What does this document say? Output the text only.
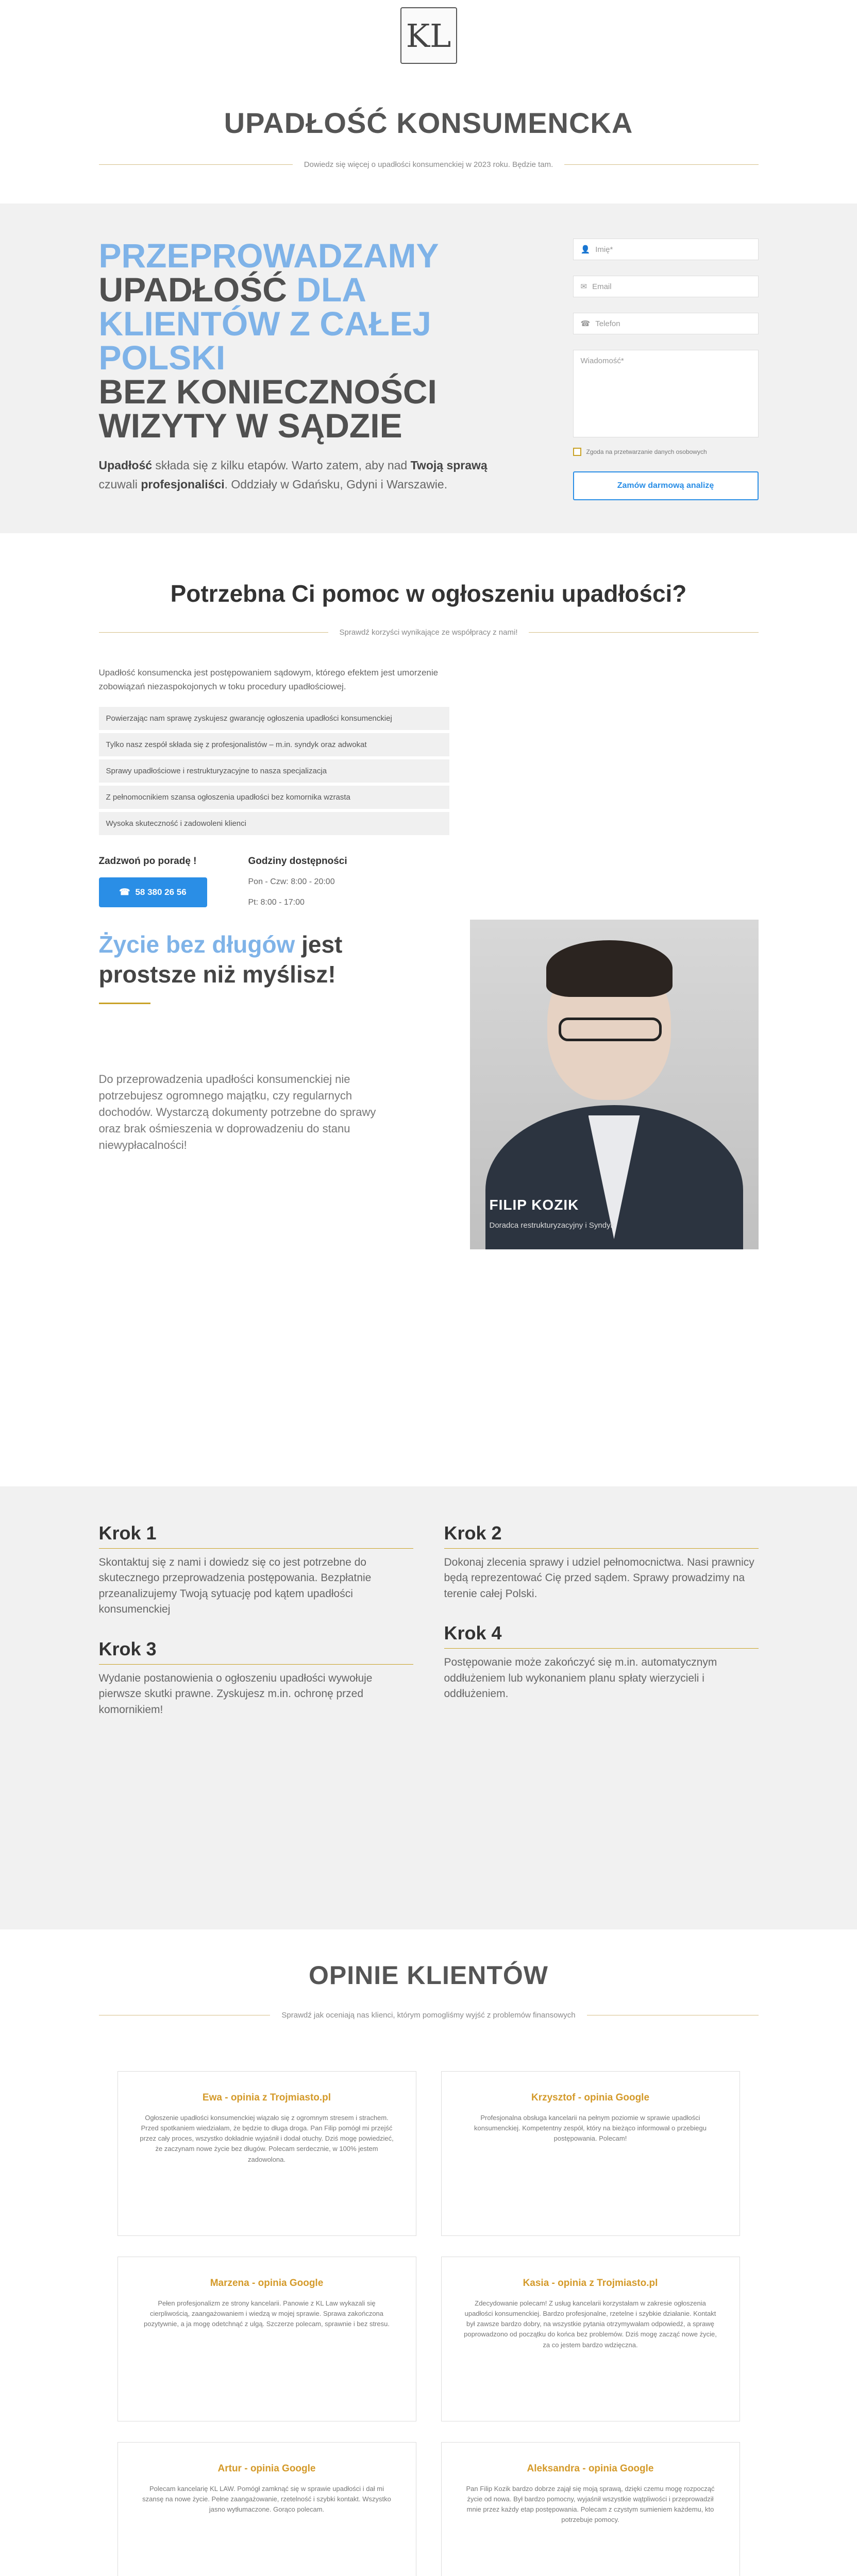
KL
UPADŁOŚĆ KONSUMENCKA
Dowiedz się więcej o upadłości konsumenckiej w 2023 roku. Będzie tam.
PRZEPROWADZAMY
UPADŁOŚĆ DLA
KLIENTÓW Z CAŁEJ
POLSKI
BEZ KONIECZNOŚCI
WIZYTY W SĄDZIE

Upadłość składa się z kilku etapów. Warto zatem, aby nad Twoją sprawą czuwali profesjonaliści. Oddziały w Gdańsku, Gdyni i Warszawie.

👤 Imię*
✉ Email
☎ Telefon
Wiadomość*
Zgoda na przetwarzanie danych osobowych
Zamów darmową analizę
Potrzebna Ci pomoc w ogłoszeniu upadłości?
Sprawdź korzyści wynikające ze współpracy z nami!

Upadłość konsumencka jest postępowaniem sądowym, którego efektem jest umorzenie zobowiązań niezaspokojonych w toku procedury upadłościowej.

Powierzając nam sprawę zyskujesz gwarancję ogłoszenia upadłości konsumenckiej
Tylko nasz zespół składa się z profesjonalistów – m.in. syndyk oraz adwokat
Sprawy upadłościowe i restrukturyzacyjne to nasza specjalizacja
Z pełnomocnikiem szansa ogłoszenia upadłości bez komornika wzrasta
Wysoka skuteczność i zadowoleni klienci
Zadzwoń po poradę !
☎ 58 380 26 56
Godziny dostępności
Pon - Czw: 8:00 - 20:00
Pt: 8:00 - 17:00
Życie bez długów jest
prostsze niż myślisz!

Do przeprowadzenia upadłości konsumenckiej nie potrzebujesz ogromnego majątku, czy regularnych dochodów. Wystarczą dokumenty potrzebne do sprawy oraz brak ośmieszenia w doprowadzeniu do stanu niewypłacalności!

FILIP KOZIK
Doradca restrukturyzacyjny i Syndyk
Krok 1

Skontaktuj się z nami i dowiedz się co jest potrzebne do skutecznego przeprowadzenia postępowania. Bezpłatnie przeanalizujemy Twoją sytuację pod kątem upadłości konsumenckiej

Krok 3

Wydanie postanowienia o ogłoszeniu upadłości wywołuje pierwsze skutki prawne. Zyskujesz m.in. ochronę przed komornikiem!

Krok 2

Dokonaj zlecenia sprawy i udziel pełnomocnictwa. Nasi prawnicy będą reprezentować Cię przed sądem. Sprawy prowadzimy na terenie całej Polski.

Krok 4

Postępowanie może zakończyć się m.in. automatycznym oddłużeniem lub wykonaniem planu spłaty wierzycieli i oddłużeniem.

OPINIE KLIENTÓW
Sprawdź jak oceniają nas klienci, którym pomogliśmy wyjść z problemów finansowych
Ewa - opinia z Trojmiasto.pl

Ogłoszenie upadłości konsumenckiej wiązało się z ogromnym stresem i strachem. Przed spotkaniem wiedziałam, że będzie to długa droga. Pan Filip pomógł mi przejść przez cały proces, wszystko dokładnie wyjaśnił i dodał otuchy. Dziś mogę powiedzieć, że zaczynam nowe życie bez długów. Polecam serdecznie, w 100% jestem zadowolona.

Krzysztof - opinia Google

Profesjonalna obsługa kancelarii na pełnym poziomie w sprawie upadłości konsumenckiej. Kompetentny zespół, który na bieżąco informował o przebiegu postępowania. Polecam!

Marzena - opinia Google

Pełen profesjonalizm ze strony kancelarii. Panowie z KL Law wykazali się cierpliwością, zaangażowaniem i wiedzą w mojej sprawie. Sprawa zakończona pozytywnie, a ja mogę odetchnąć z ulgą. Szczerze polecam, sprawnie i bez stresu.

Kasia - opinia z Trojmiasto.pl

Zdecydowanie polecam! Z usług kancelarii korzystałam w zakresie ogłoszenia upadłości konsumenckiej. Bardzo profesjonalne, rzetelne i szybkie działanie. Kontakt był zawsze bardzo dobry, na wszystkie pytania otrzymywałam odpowiedź, a sprawę poprowadzono od początku do końca bez problemów. Dziś mogę zacząć nowe życie, za co jestem bardzo wdzięczna.

Artur - opinia Google

Polecam kancelarię KL LAW. Pomógł zamknąć się w sprawie upadłości i dał mi szansę na nowe życie. Pełne zaangażowanie, rzetelność i szybki kontakt. Wszystko jasno wytłumaczone. Gorąco polecam.

Aleksandra - opinia Google

Pan Filip Kozik bardzo dobrze zajął się moją sprawą, dzięki czemu mogę rozpocząć życie od nowa. Był bardzo pomocny, wyjaśnił wszystkie wątpliwości i przeprowadził mnie przez każdy etap postępowania. Polecam z czystym sumieniem każdemu, kto potrzebuje pomocy.
